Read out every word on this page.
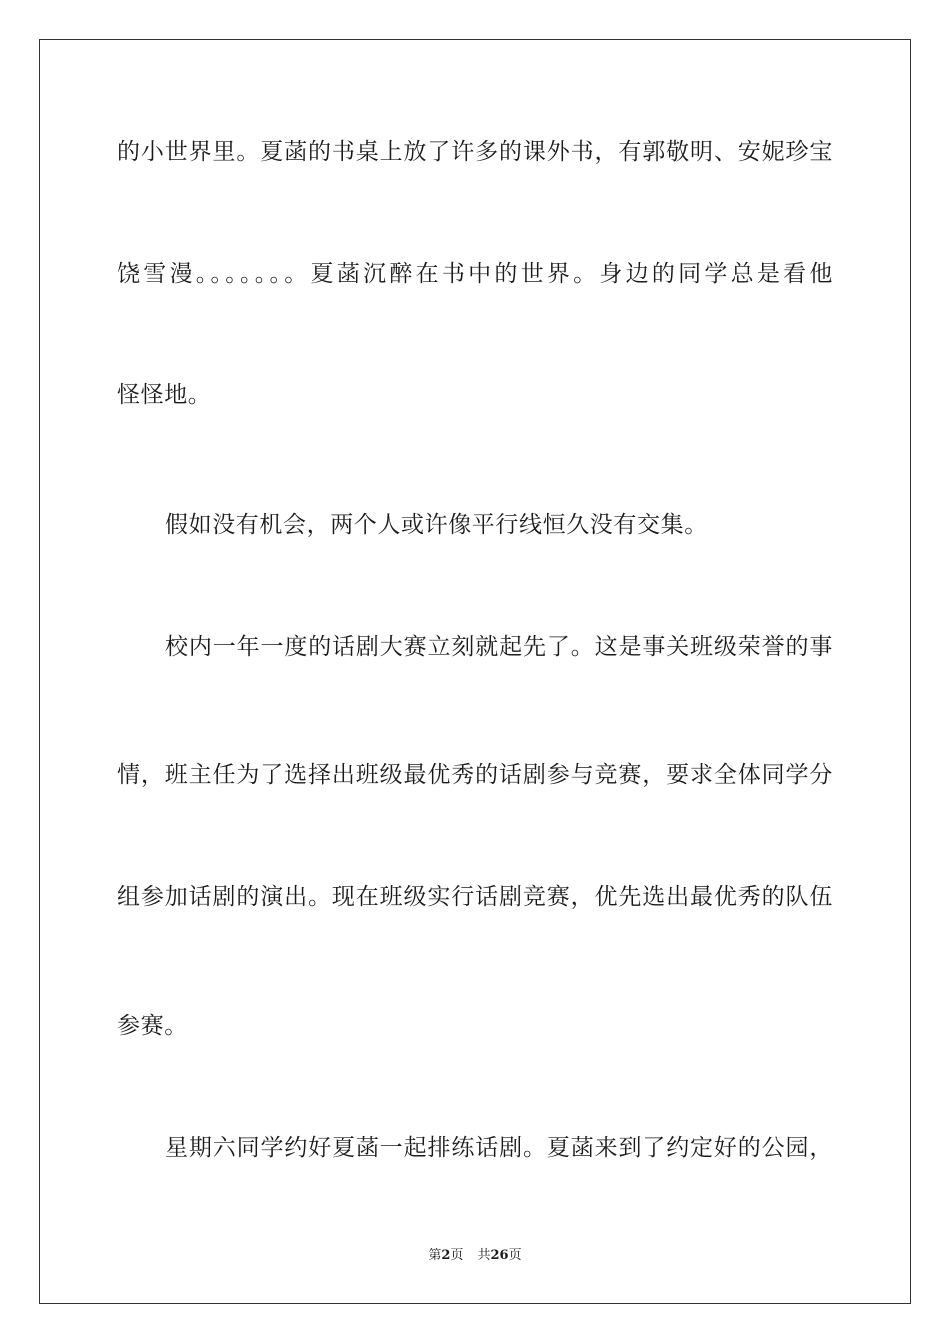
的小世界里。夏菡的书桌上放了许多的课外书，有郭敬明、安妮珍宝
饶雪漫。。。。。。。夏菡沉醉在书中的世界。身边的同学总是看他
怪怪地。
假如没有机会，两个人或许像平行线恒久没有交集。
校内一年一度的话剧大赛立刻就起先了。这是事关班级荣誉的事
情，班主任为了选择出班级最优秀的话剧参与竞赛，要求全体同学分
组参加话剧的演出。现在班级实行话剧竞赛，优先选出最优秀的队伍
参赛。
星期六同学约好夏菡一起排练话剧。夏菡来到了约定好的公园，
第2页 共26页
